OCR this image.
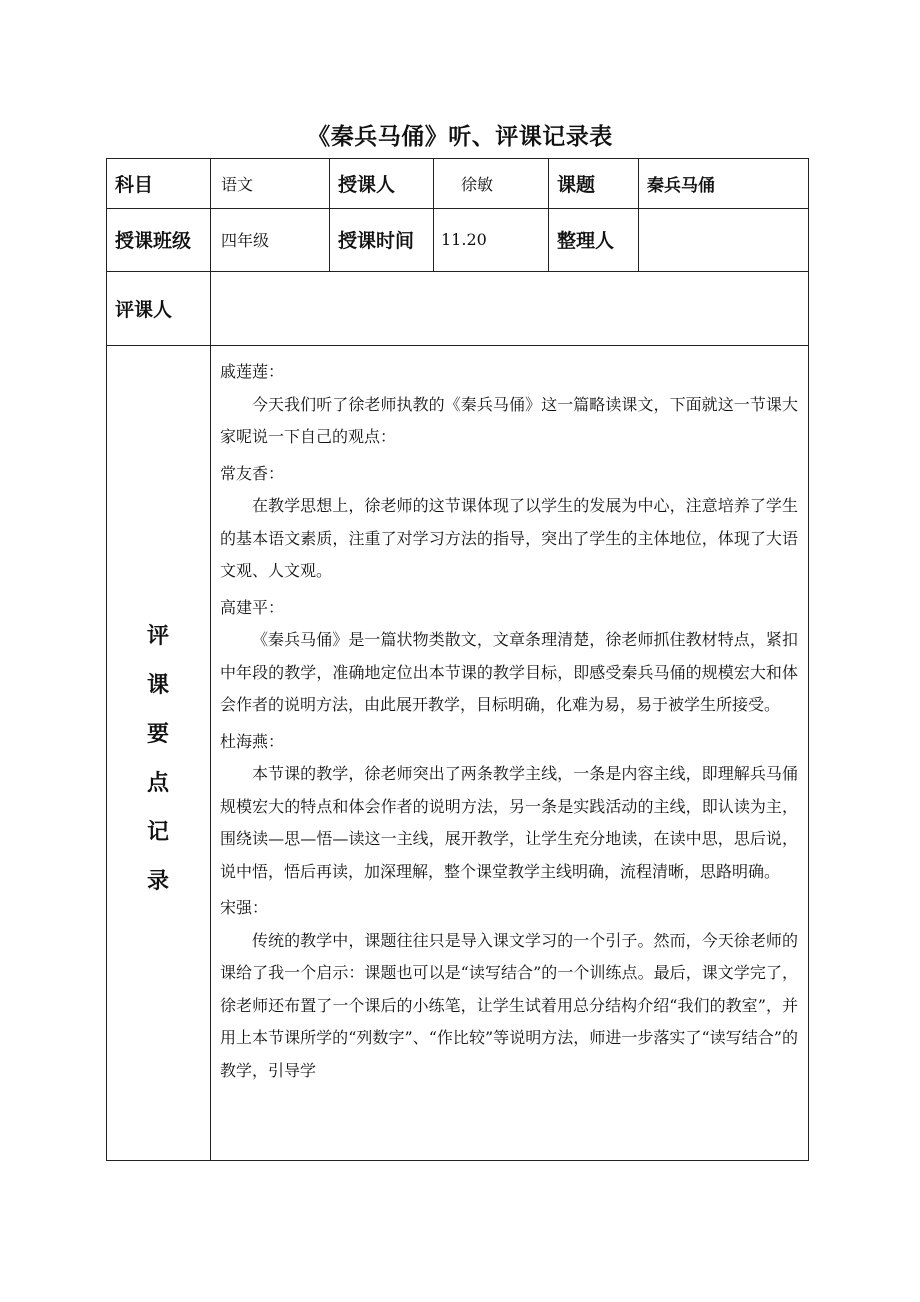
《秦兵马俑》听、评课记录表
科目	语文	授课人	徐敏	课题	秦兵马俑
授课班级	四年级	授课时间	11.20	整理人
评课人
评
课
要
点
记
录

戚莲莲：

今天我们听了徐老师执教的《秦兵马俑》这一篇略读课文，下面就这一节课大家呢说一下自己的观点：

常友香：

在教学思想上，徐老师的这节课体现了以学生的发展为中心，注意培养了学生的基本语文素质，注重了对学习方法的指导，突出了学生的主体地位，体现了大语文观、人文观。

高建平：

《秦兵马俑》是一篇状物类散文，文章条理清楚，徐老师抓住教材特点，紧扣中年段的教学，准确地定位出本节课的教学目标，即感受秦兵马俑的规模宏大和体会作者的说明方法，由此展开教学，目标明确，化难为易，易于被学生所接受。

杜海燕：

本节课的教学，徐老师突出了两条教学主线，一条是内容主线，即理解兵马俑规模宏大的特点和体会作者的说明方法，另一条是实践活动的主线，即认读为主，围绕读—思—悟—读这一主线，展开教学，让学生充分地读，在读中思，思后说，说中悟，悟后再读，加深理解，整个课堂教学主线明确，流程清晰，思路明确。

宋强：

传统的教学中，课题往往只是导入课文学习的一个引子。然而，今天徐老师的课给了我一个启示：课题也可以是“读写结合”的一个训练点。最后，课文学完了，徐老师还布置了一个课后的小练笔，让学生试着用总分结构介绍“我们的教室”，并用上本节课所学的“列数字”、“作比较”等说明方法，师进一步落实了“读写结合”的教学，引导学
